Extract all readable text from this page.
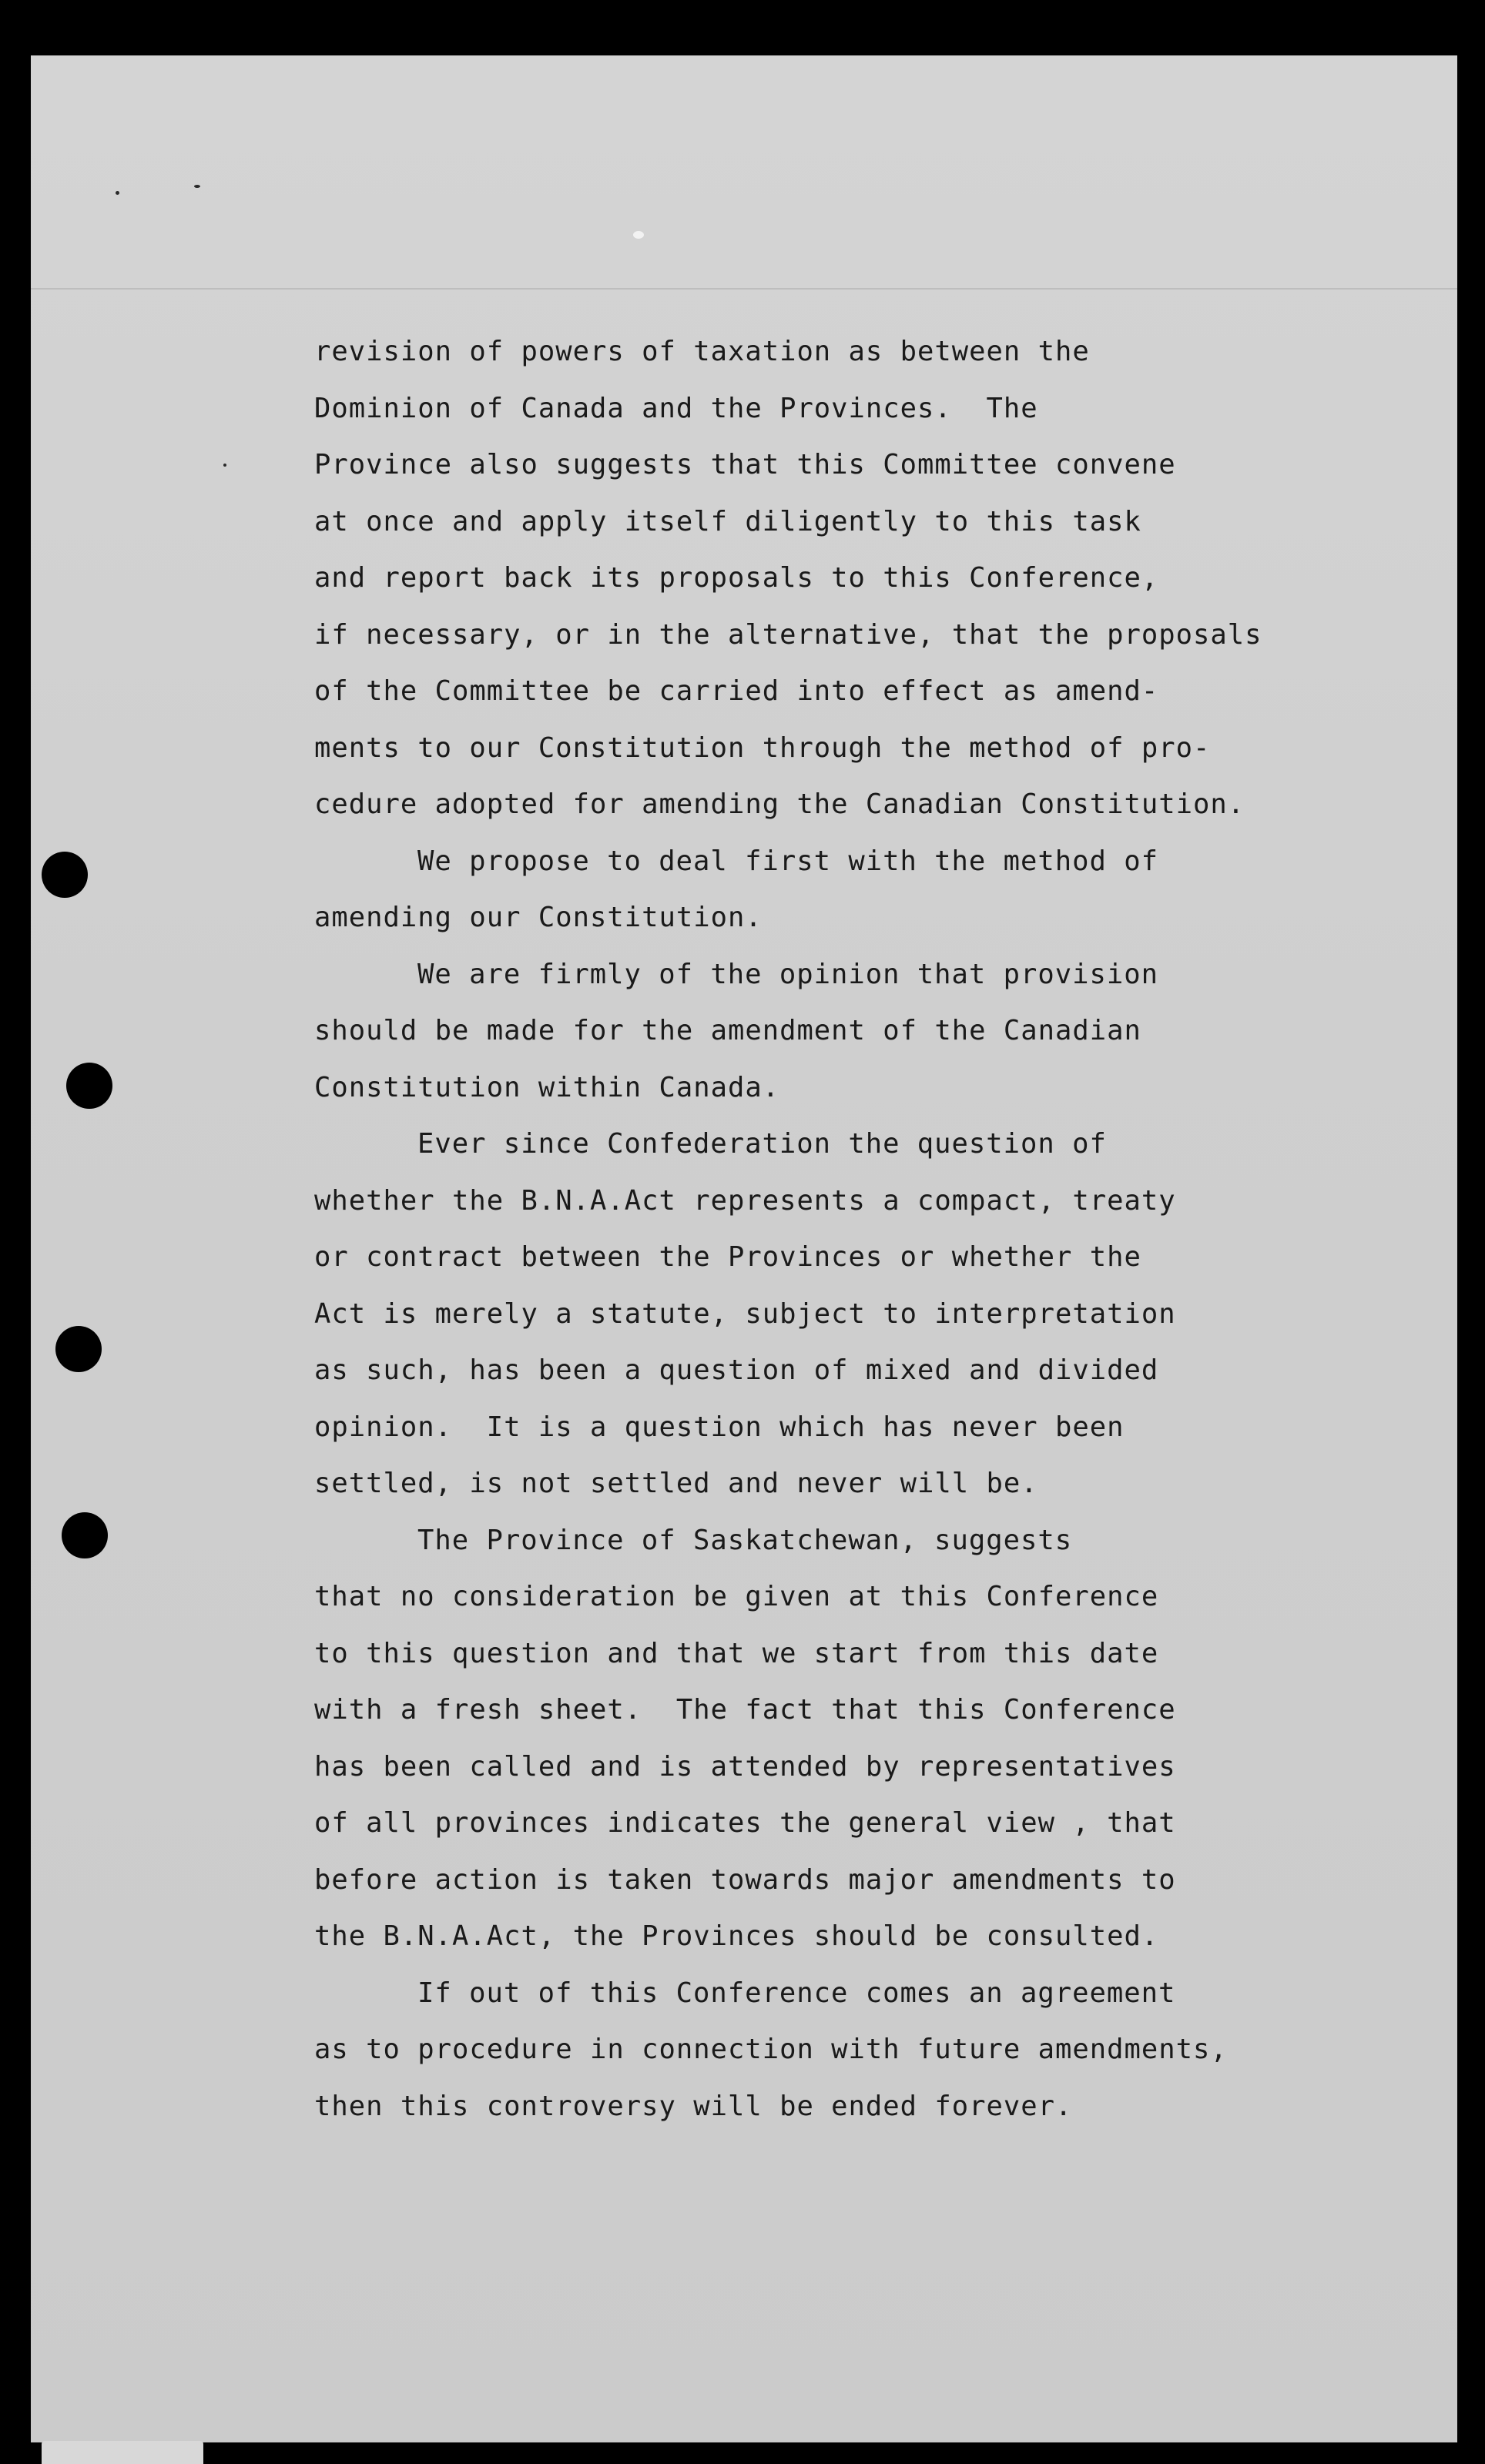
revision of powers of taxation as between the
Dominion of Canada and the Provinces.  The
Province also suggests that this Committee convene
at once and apply itself diligently to this task
and report back its proposals to this Conference,
if necessary, or in the alternative, that the proposals
of the Committee be carried into effect as amend-
ments to our Constitution through the method of pro-
cedure adopted for amending the Canadian Constitution.
We propose to deal first with the method of
amending our Constitution.
We are firmly of the opinion that provision
should be made for the amendment of the Canadian
Constitution within Canada.
Ever since Confederation the question of
whether the B.N.A.Act represents a compact, treaty
or contract between the Provinces or whether the
Act is merely a statute, subject to interpretation
as such, has been a question of mixed and divided
opinion.  It is a question which has never been
settled, is not settled and never will be.
The Province of Saskatchewan, suggests
that no consideration be given at this Conference
to this question and that we start from this date
with a fresh sheet.  The fact that this Conference
has been called and is attended by representatives
of all provinces indicates the general view , that
before action is taken towards major amendments to
the B.N.A.Act, the Provinces should be consulted.
If out of this Conference comes an agreement
as to procedure in connection with future amendments,
then this controversy will be ended forever.
